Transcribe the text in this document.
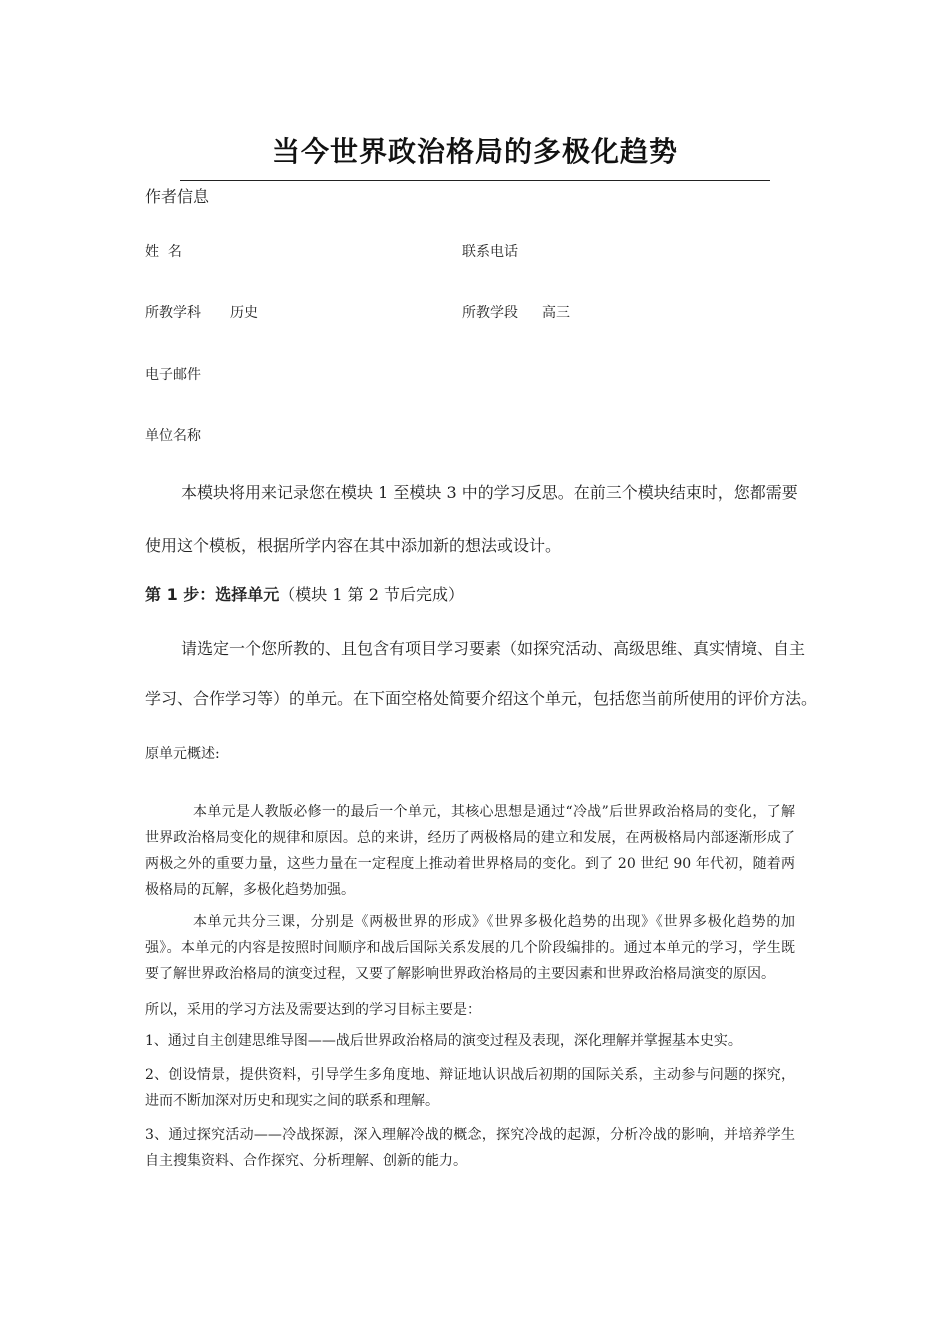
当今世界政治格局的多极化趋势
作者信息
姓  名	联系电话
所教学科 历史	所教学段 高三
电子邮件
单位名称
本模块将用来记录您在模块 1 至模块 3 中的学习反思。在前三个模块结束时，您都需要
使用这个模板，根据所学内容在其中添加新的想法或设计。
第 1 步：选择单元（模块 1 第 2 节后完成）
请选定一个您所教的、且包含有项目学习要素（如探究活动、高级思维、真实情境、自主
学习、合作学习等）的单元。在下面空格处简要介绍这个单元，包括您当前所使用的评价方法。
原单元概述:
本单元是人教版必修一的最后一个单元，其核心思想是通过“冷战”后世界政治格局的变化，了解世界政治格局变化的规律和原因。总的来讲，经历了两极格局的建立和发展，在两极格局内部逐渐形成了两极之外的重要力量，这些力量在一定程度上推动着世界格局的变化。到了 20 世纪 90 年代初，随着两极格局的瓦解，多极化趋势加强。
本单元共分三课，分别是《两极世界的形成》《世界多极化趋势的出现》《世界多极化趋势的加强》。本单元的内容是按照时间顺序和战后国际关系发展的几个阶段编排的。通过本单元的学习，学生既要了解世界政治格局的演变过程，又要了解影响世界政治格局的主要因素和世界政治格局演变的原因。
所以，采用的学习方法及需要达到的学习目标主要是：
1、通过自主创建思维导图——战后世界政治格局的演变过程及表现，深化理解并掌握基本史实。
2、创设情景，提供资料，引导学生多角度地、辩证地认识战后初期的国际关系，主动参与问题的探究，进而不断加深对历史和现实之间的联系和理解。
3、通过探究活动——冷战探源，深入理解冷战的概念，探究冷战的起源，分析冷战的影响，并培养学生自主搜集资料、合作探究、分析理解、创新的能力。
